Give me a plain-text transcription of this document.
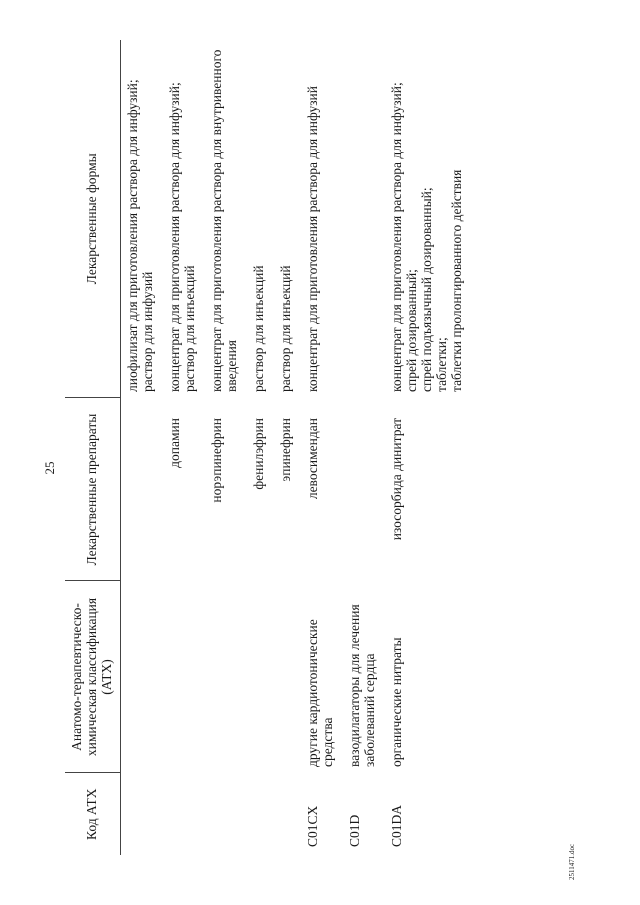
25
Код АТХ	Анатомо-терапевтическо-химическая классификация (АТХ)	Лекарственные препараты	Лекарственные формы

			лиофилизат для приготовления раствора для инфузий; раствор для инфузий

		допамин	концентрат для приготовления раствора для инфузий; раствор для инъекций

		норэпинефрин	концентрат для приготовления раствора для внутривенного введения

		фенилэфрин	раствор для инъекций

		эпинефрин	раствор для инъекций

C01CX	другие кардиотонические средства	левосимендан	концентрат для приготовления раствора для инфузий

C01D	вазодилататоры для лечения заболеваний сердца		
C01DA	органические нитраты	изосорбида динитрат	концентрат для приготовления раствора для инфузий; спрей дозированный; спрей подъязычный дозированный; таблетки; таблетки пролонгированного действия
2511471.doc
